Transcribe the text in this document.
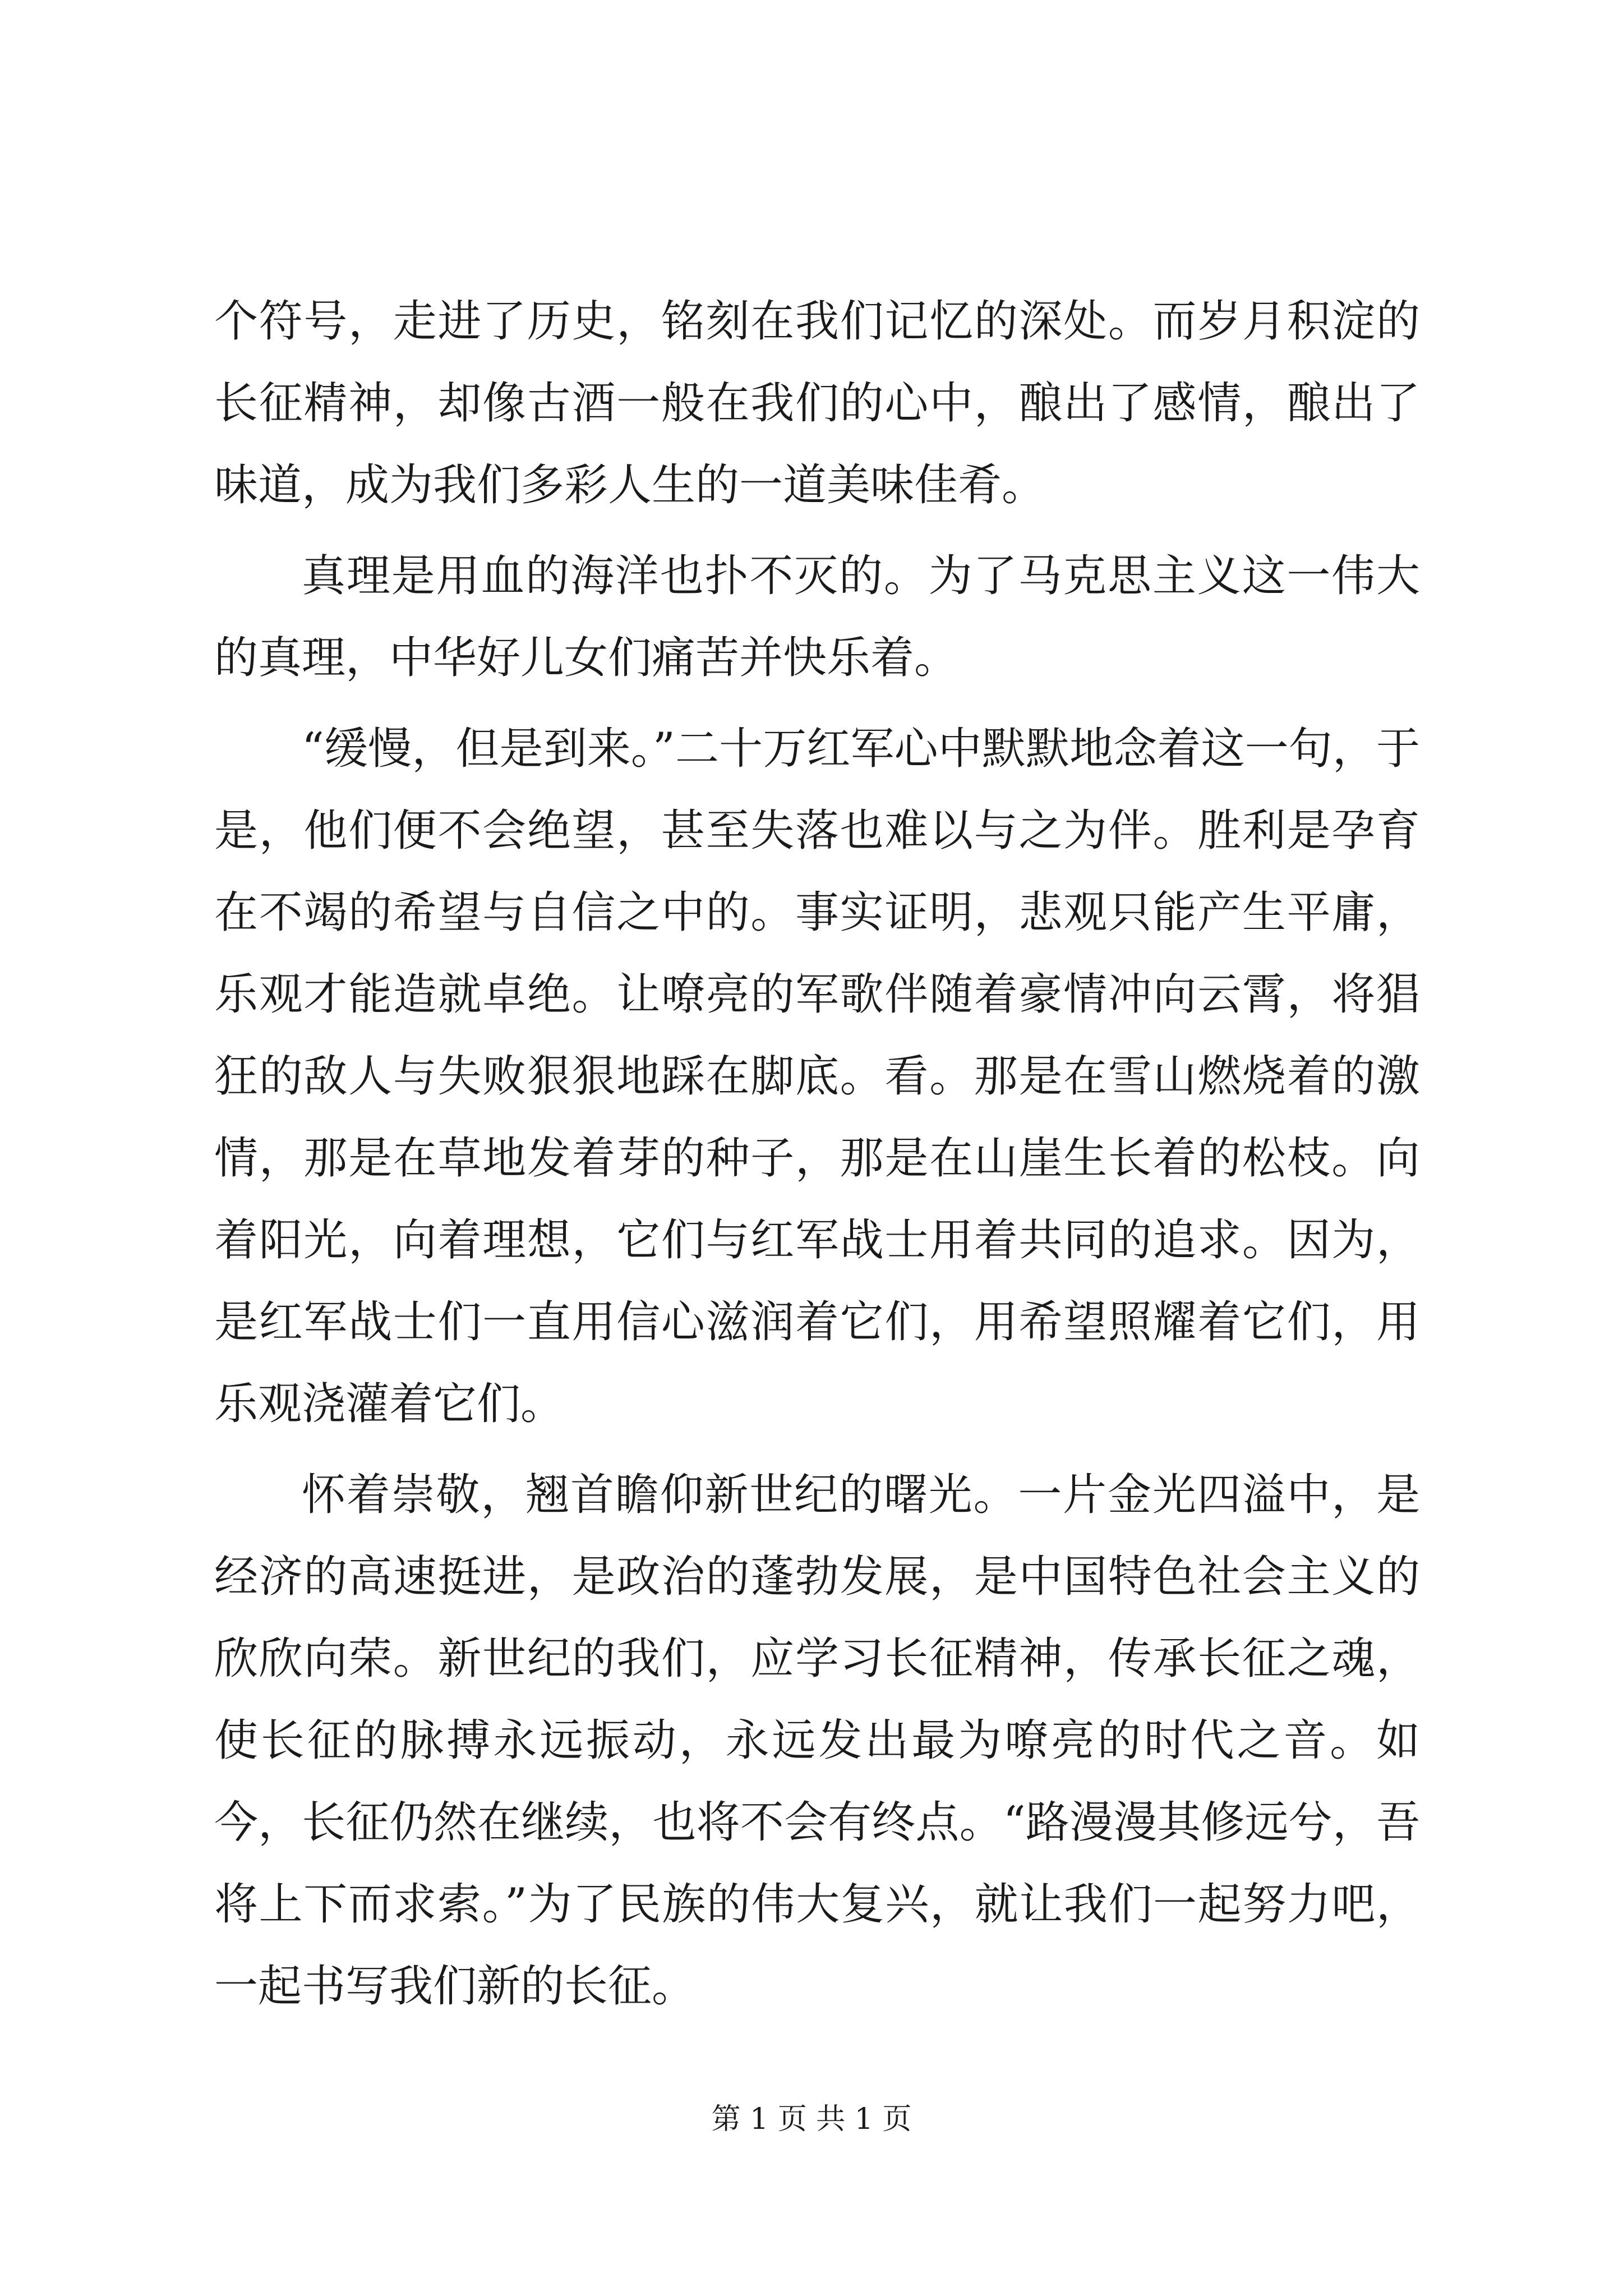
个符号，走进了历史，铭刻在我们记忆的深处。而岁月积淀的长征精神，却像古酒一般在我们的心中，酿出了感情，酿出了味道，成为我们多彩人生的一道美味佳肴。

真理是用血的海洋也扑不灭的。为了马克思主义这一伟大的真理，中华好儿女们痛苦并快乐着。

“缓慢，但是到来。”二十万红军心中默默地念着这一句，于是，他们便不会绝望，甚至失落也难以与之为伴。胜利是孕育在不竭的希望与自信之中的。事实证明，悲观只能产生平庸，乐观才能造就卓绝。让嘹亮的军歌伴随着豪情冲向云霄，将猖狂的敌人与失败狠狠地踩在脚底。看。那是在雪山燃烧着的激情，那是在草地发着芽的种子，那是在山崖生长着的松枝。向着阳光，向着理想，它们与红军战士用着共同的追求。因为，是红军战士们一直用信心滋润着它们，用希望照耀着它们，用乐观浇灌着它们。

怀着崇敬，翘首瞻仰新世纪的曙光。一片金光四溢中，是经济的高速挺进，是政治的蓬勃发展，是中国特色社会主义的欣欣向荣。新世纪的我们，应学习长征精神，传承长征之魂，使长征的脉搏永远振动，永远发出最为嘹亮的时代之音。如今，长征仍然在继续，也将不会有终点。“路漫漫其修远兮，吾将上下而求索。”为了民族的伟大复兴，就让我们一起努力吧，一起书写我们新的长征。

第 1 页 共 1 页
